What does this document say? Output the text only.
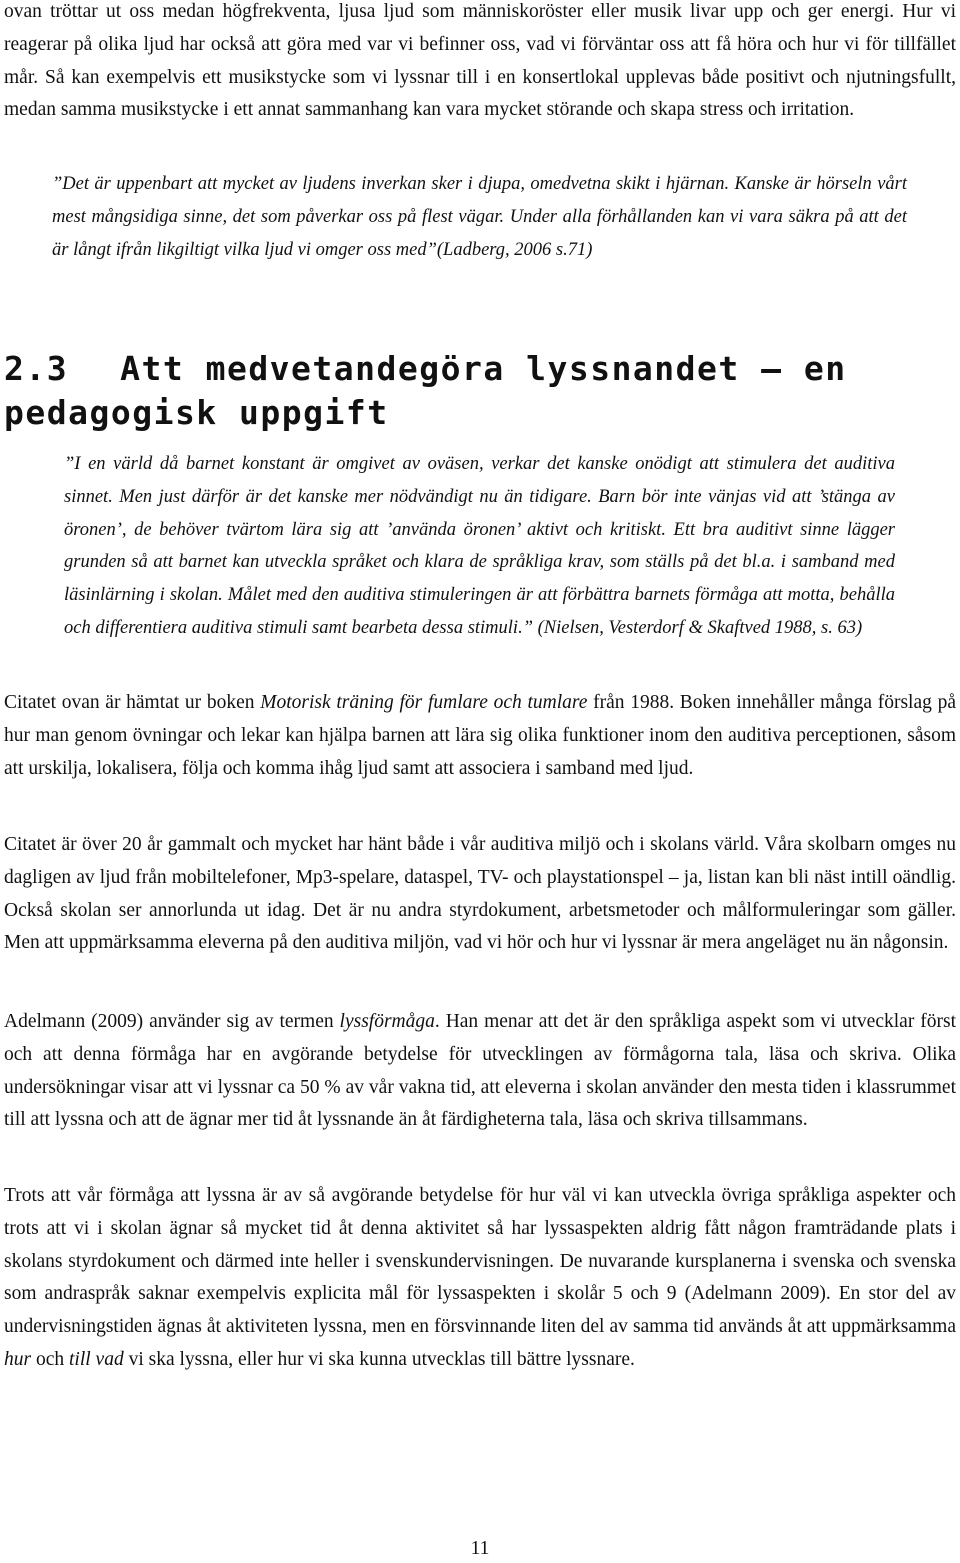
ovan tröttar ut oss medan högfrekventa, ljusa ljud som människoröster eller musik livar upp och ger energi. Hur vi reagerar på olika ljud har också att göra med var vi befinner oss, vad vi förväntar oss att få höra och hur vi för tillfället mår. Så kan exempelvis ett musikstycke som vi lyssnar till i en konsertlokal upplevas både positivt och njutningsfullt, medan samma musikstycke i ett annat sammanhang kan vara mycket störande och skapa stress och irritation.

”Det är uppenbart att mycket av ljudens inverkan sker i djupa, omedvetna skikt i hjärnan. Kanske är hörseln vårt mest mångsidiga sinne, det som påverkar oss på flest vägar. Under alla förhållanden kan vi vara säkra på att det är långt ifrån likgiltigt vilka ljud vi omger oss med”(Ladberg, 2006 s.71)

2.3 Att medvetandegöra lyssnandet – en pedagogisk uppgift

”I en värld då barnet konstant är omgivet av oväsen, verkar det kanske onödigt att stimulera det auditiva sinnet. Men just därför är det kanske mer nödvändigt nu än tidigare. Barn bör inte vänjas vid att ’stänga av öronen’, de behöver tvärtom lära sig att ’använda öronen’ aktivt och kritiskt. Ett bra auditivt sinne lägger grunden så att barnet kan utveckla språket och klara de språkliga krav, som ställs på det bl.a. i samband med läsinlärning i skolan. Målet med den auditiva stimuleringen är att förbättra barnets förmåga att motta, behålla och differentiera auditiva stimuli samt bearbeta dessa stimuli.” (Nielsen, Vesterdorf & Skaftved 1988, s. 63)

Citatet ovan är hämtat ur boken Motorisk träning för fumlare och tumlare från 1988. Boken innehåller många förslag på hur man genom övningar och lekar kan hjälpa barnen att lära sig olika funktioner inom den auditiva perceptionen, såsom att urskilja, lokalisera, följa och komma ihåg ljud samt att associera i samband med ljud.

Citatet är över 20 år gammalt och mycket har hänt både i vår auditiva miljö och i skolans värld. Våra skolbarn omges nu dagligen av ljud från mobiltelefoner, Mp3-spelare, dataspel, TV- och playstationspel – ja, listan kan bli näst intill oändlig. Också skolan ser annorlunda ut idag. Det är nu andra styrdokument, arbetsmetoder och målformuleringar som gäller. Men att uppmärksamma eleverna på den auditiva miljön, vad vi hör och hur vi lyssnar är mera angeläget nu än någonsin.

Adelmann (2009) använder sig av termen lyssförmåga. Han menar att det är den språkliga aspekt som vi utvecklar först och att denna förmåga har en avgörande betydelse för utvecklingen av förmågorna tala, läsa och skriva. Olika undersökningar visar att vi lyssnar ca 50 % av vår vakna tid, att eleverna i skolan använder den mesta tiden i klassrummet till att lyssna och att de ägnar mer tid åt lyssnande än åt färdigheterna tala, läsa och skriva tillsammans.

Trots att vår förmåga att lyssna är av så avgörande betydelse för hur väl vi kan utveckla övriga språkliga aspekter och trots att vi i skolan ägnar så mycket tid åt denna aktivitet så har lyssaspekten aldrig fått någon framträdande plats i skolans styrdokument och därmed inte heller i svenskundervisningen. De nuvarande kursplanerna i svenska och svenska som andraspråk saknar exempelvis explicita mål för lyssaspekten i skolår 5 och 9 (Adelmann 2009). En stor del av undervisningstiden ägnas åt aktiviteten lyssna, men en försvinnande liten del av samma tid används åt att uppmärksamma hur och till vad vi ska lyssna, eller hur vi ska kunna utvecklas till bättre lyssnare.

11
